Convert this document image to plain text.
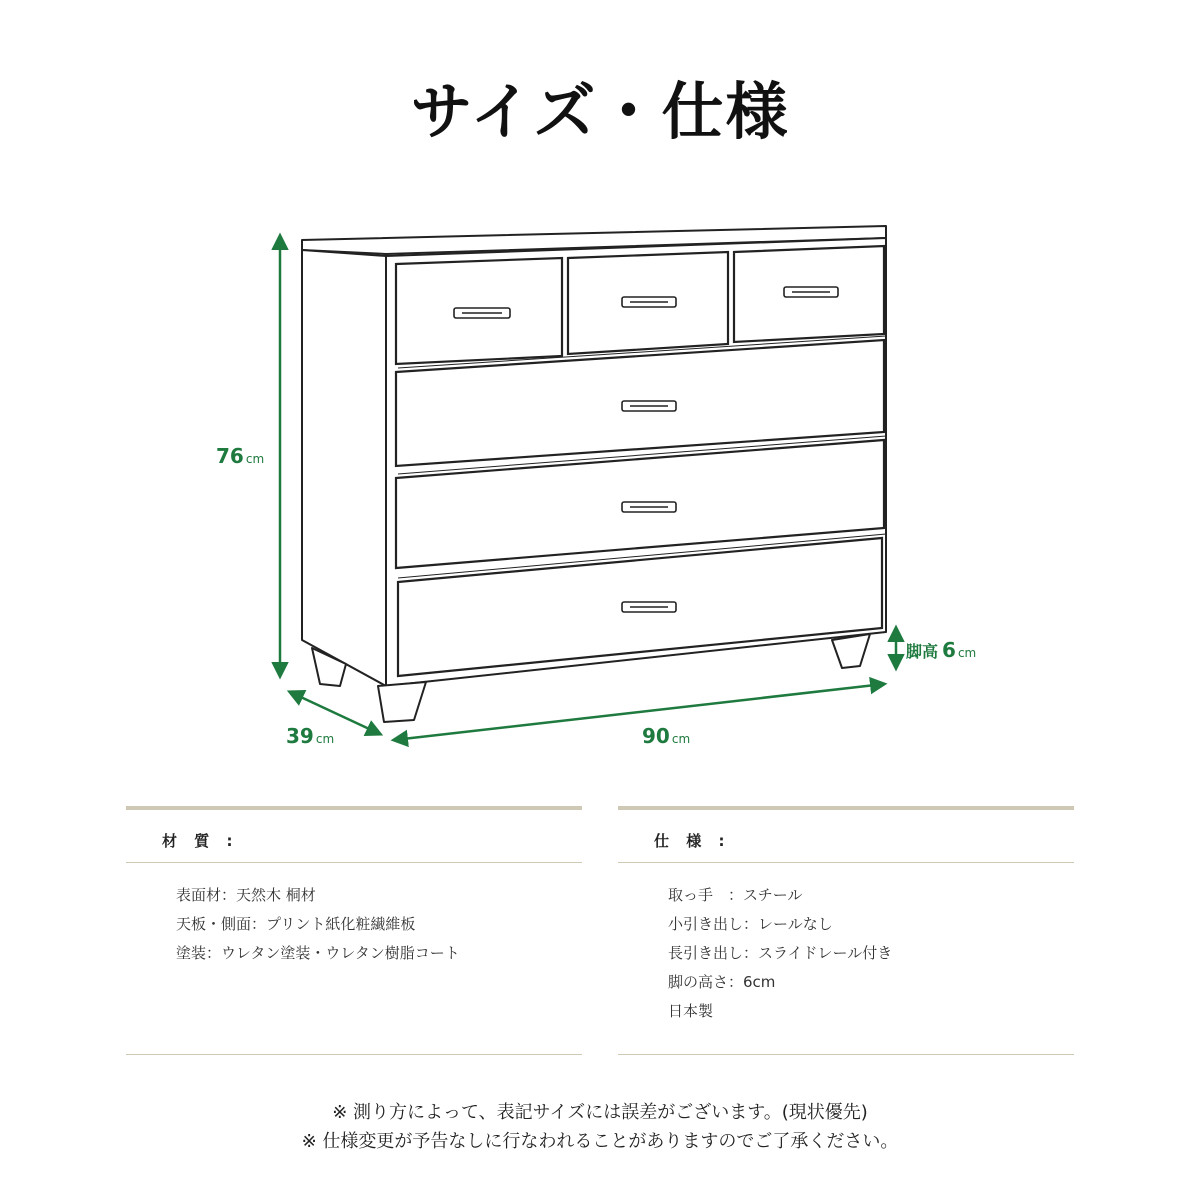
サイズ・仕様
76 cm
39 cm	90 cm
脚高 6 cm
材 質 :
表面材：天然木 桐材
天板・側面：プリント紙化粧繊維板
塗装：ウレタン塗装・ウレタン樹脂コート
仕 様 :
取っ手　：スチール
小引き出し：レールなし
長引き出し：スライドレール付き
脚の高さ：6cm
日本製
※ 測り方によって、表記サイズには誤差がございます。(現状優先)
※ 仕様変更が予告なしに行なわれることがありますのでご了承ください。
